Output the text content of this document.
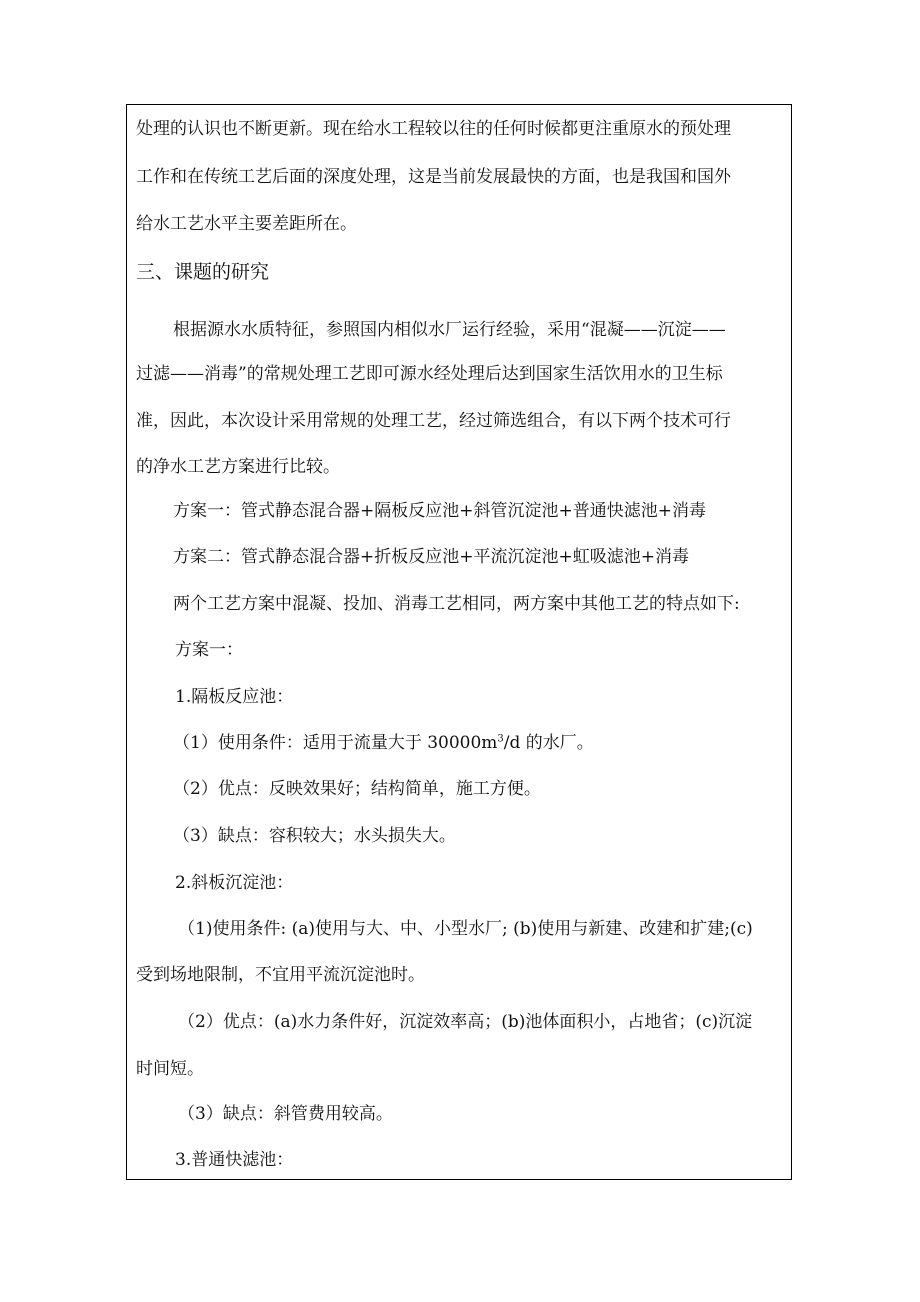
处理的认识也不断更新。现在给水工程较以往的任何时候都更注重原水的预处理

工作和在传统工艺后面的深度处理，这是当前发展最快的方面，也是我国和国外

给水工艺水平主要差距所在。

三、课题的研究

根据源水水质特征，参照国内相似水厂运行经验，采用“混凝——沉淀——

过滤——消毒”的常规处理工艺即可源水经处理后达到国家生活饮用水的卫生标

准，因此，本次设计采用常规的处理工艺，经过筛选组合，有以下两个技术可行

的净水工艺方案进行比较。

方案一：管式静态混合器+隔板反应池+斜管沉淀池+普通快滤池+消毒

方案二：管式静态混合器+折板反应池+平流沉淀池+虹吸滤池+消毒

两个工艺方案中混凝、投加、消毒工艺相同，两方案中其他工艺的特点如下:

方案一：

1.隔板反应池：

（1）使用条件：适用于流量大于 $30000m^3/d$ 的水厂。

（2）优点：反映效果好；结构简单，施工方便。

（3）缺点：容积较大；水头损失大。

2.斜板沉淀池：

（1)使用条件: (a)使用与大、中、小型水厂; (b)使用与新建、改建和扩建;(c)

受到场地限制，不宜用平流沉淀池时。

（2）优点：(a)水力条件好，沉淀效率高；(b)池体面积小，占地省；(c)沉淀

时间短。

（3）缺点：斜管费用较高。

3.普通快滤池：
